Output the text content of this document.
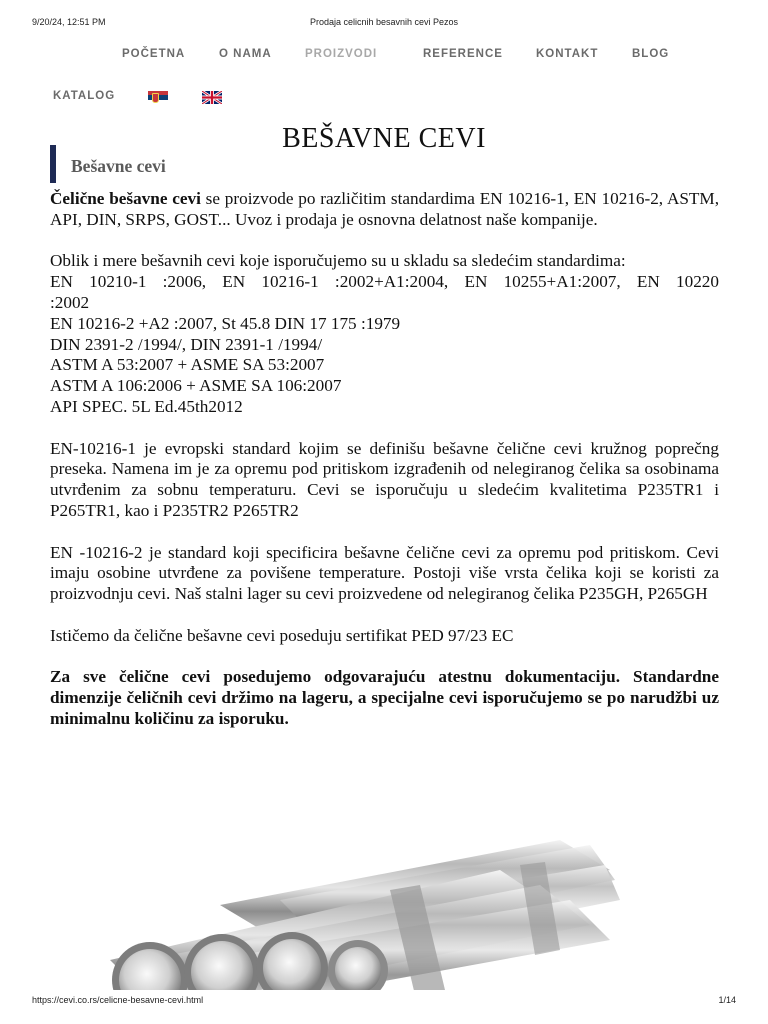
9/20/24, 12:51 PM	Prodaja celicnih besavnih cevi Pezos
POČETNA	O NAMA	PROIZVODI	REFERENCE	KONTAKT	BLOG
KATALOG
BEŠAVNE CEVI
Bešavne cevi

Čelične bešavne cevi se proizvode po različitim standardima EN 10216-1, EN 10216-2, ASTM, API, DIN, SRPS, GOST... Uvoz i prodaja je osnovna delatnost naše kompanije.

Oblik i mere bešavnih cevi koje isporučujemo su u skladu sa sledećim standardima:
EN 10210-1 :2006, EN 10216-1 :2002+A1:2004, EN 10255+A1:2007, EN 10220
:2002
EN 10216-2 +A2 :2007, St 45.8 DIN 17 175 :1979
DIN 2391-2 /1994/, DIN 2391-1 /1994/
ASTM A 53:2007 + ASME SA 53:2007
ASTM A 106:2006 + ASME SA 106:2007
API SPEC. 5L Ed.45th2012

EN-10216-1 je evropski standard kojim se definišu bešavne čelične cevi kružnog poprečng preseka. Namena im je za opremu pod pritiskom izgrađenih od nelegiranog čelika sa osobinama utvrđenim za sobnu temperaturu. Cevi se isporučuju u sledećim kvalitetima P235TR1 i P265TR1, kao i P235TR2 P265TR2

EN -10216-2 je standard koji specificira bešavne čelične cevi za opremu pod pritiskom. Cevi imaju osobine utvrđene za povišene temperature. Postoji više vrsta čelika koji se koristi za proizvodnju cevi. Naš stalni lager su cevi proizvedene od nelegiranog čelika P235GH, P265GH

Ističemo da čelične bešavne cevi poseduju sertifikat PED 97/23 EC

Za sve čelične cevi posedujemo odgovarajuću atestnu dokumentaciju. Standardne dimenzije čeličnih cevi držimo na lageru, a specijalne cevi isporučujemo se po narudžbi uz minimalnu količinu za isporuku.

https://cevi.co.rs/celicne-besavne-cevi.html	1/14
